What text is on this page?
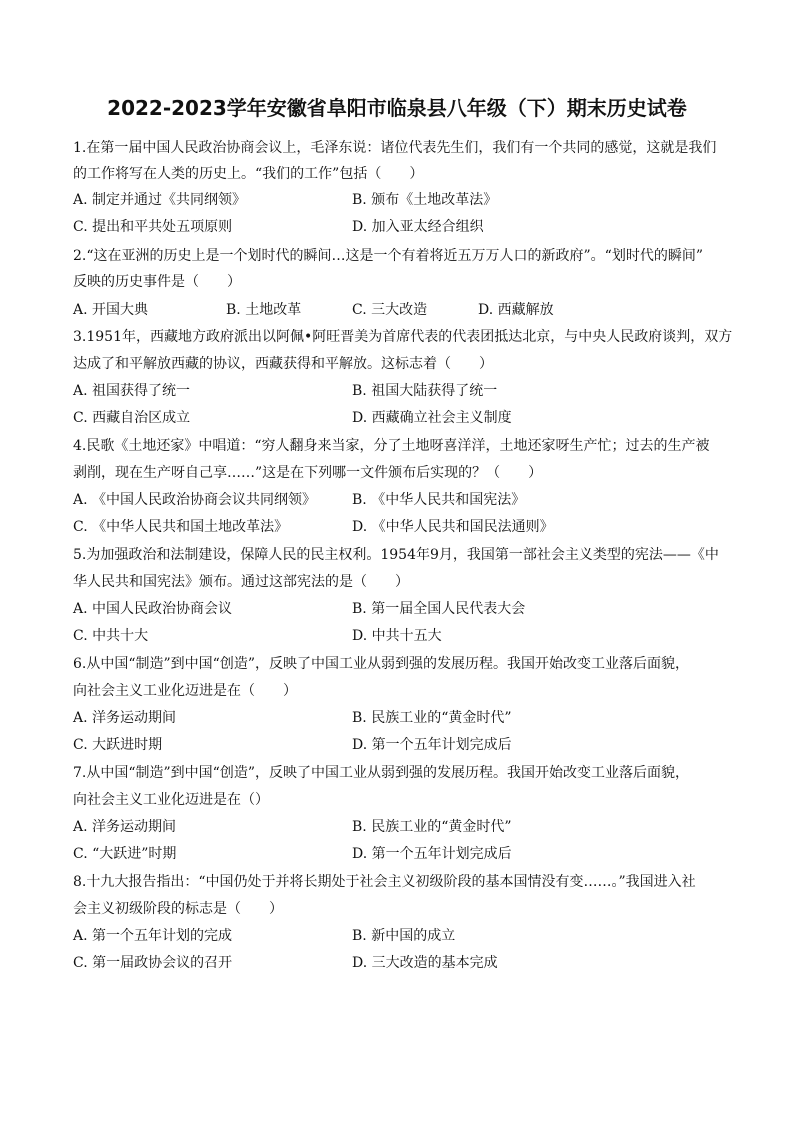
2022-2023学年安徽省阜阳市临泉县八年级（下）期末历史试卷
1.在第一届中国人民政治协商会议上，毛泽东说：诸位代表先生们，我们有一个共同的感觉，这就是我们
的工作将写在人类的历史上。“我们的工作”包括（　　）
A. 制定并通过《共同纲领》	B. 颁布《土地改革法》
C. 提出和平共处五项原则	D. 加入亚太经合组织
2.“这在亚洲的历史上是一个划时代的瞬间…这是一个有着将近五万万人口的新政府”。“划时代的瞬间”
反映的历史事件是（　　）
A. 开国大典	B. 土地改革	C. 三大改造	D. 西藏解放
3.1951年，西藏地方政府派出以阿佩•阿旺晋美为首席代表的代表团抵达北京，与中央人民政府谈判，双方
达成了和平解放西藏的协议，西藏获得和平解放。这标志着（　　）
A. 祖国获得了统一	B. 祖国大陆获得了统一
C. 西藏自治区成立	D. 西藏确立社会主义制度
4.民歌《土地还家》中唱道：“穷人翻身来当家，分了土地呀喜洋洋，土地还家呀生产忙；过去的生产被
剥削，现在生产呀自己享……”这是在下列哪一文件颁布后实现的？（　　）
A. 《中国人民政治协商会议共同纲领》	B. 《中华人民共和国宪法》
C. 《中华人民共和国土地改革法》	D. 《中华人民共和国民法通则》
5.为加强政治和法制建设，保障人民的民主权利。1954年9月，我国第一部社会主义类型的宪法——《中
华人民共和国宪法》颁布。通过这部宪法的是（　　）
A. 中国人民政治协商会议	B. 第一届全国人民代表大会
C. 中共十大	D. 中共十五大
6.从中国“制造”到中国“创造”，反映了中国工业从弱到强的发展历程。我国开始改变工业落后面貌，
向社会主义工业化迈进是在（　　）
A. 洋务运动期间	B. 民族工业的“黄金时代”
C. 大跃进时期	D. 第一个五年计划完成后
7.从中国“制造”到中国“创造”，反映了中国工业从弱到强的发展历程。我国开始改变工业落后面貌，
向社会主义工业化迈进是在（）
A. 洋务运动期间	B. 民族工业的“黄金时代”
C. “大跃进”时期	D. 第一个五年计划完成后
8.十九大报告指出：“中国仍处于并将长期处于社会主义初级阶段的基本国情没有变……。”我国进入社
会主义初级阶段的标志是（　　）
A. 第一个五年计划的完成	B. 新中国的成立
C. 第一届政协会议的召开	D. 三大改造的基本完成
